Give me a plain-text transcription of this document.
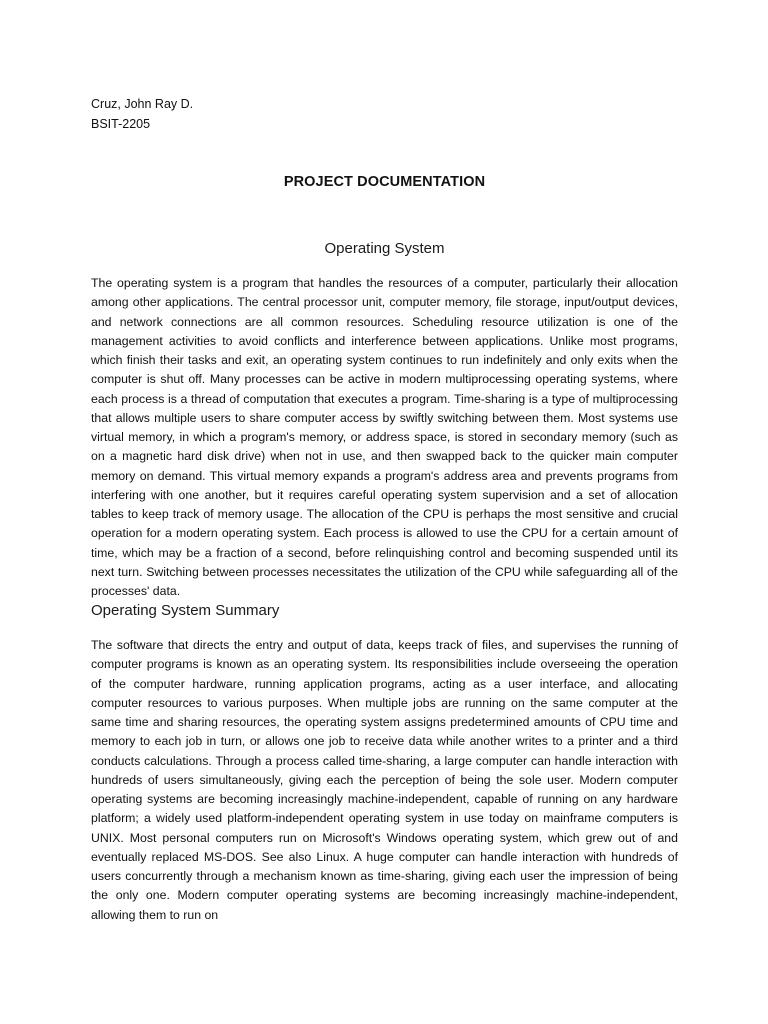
Cruz, John Ray D.

BSIT-2205

PROJECT DOCUMENTATION
Operating System

The operating system is a program that handles the resources of a computer, particularly their allocation among other applications. The central processor unit, computer memory, file storage, input/output devices, and network connections are all common resources. Scheduling resource utilization is one of the management activities to avoid conflicts and interference between applications. Unlike most programs, which finish their tasks and exit, an operating system continues to run indefinitely and only exits when the computer is shut off. Many processes can be active in modern multiprocessing operating systems, where each process is a thread of computation that executes a program. Time-sharing is a type of multiprocessing that allows multiple users to share computer access by swiftly switching between them. Most systems use virtual memory, in which a program's memory, or address space, is stored in secondary memory (such as on a magnetic hard disk drive) when not in use, and then swapped back to the quicker main computer memory on demand. This virtual memory expands a program's address area and prevents programs from interfering with one another, but it requires careful operating system supervision and a set of allocation tables to keep track of memory usage. The allocation of the CPU is perhaps the most sensitive and crucial operation for a modern operating system. Each process is allowed to use the CPU for a certain amount of time, which may be a fraction of a second, before relinquishing control and becoming suspended until its next turn. Switching between processes necessitates the utilization of the CPU while safeguarding all of the processes' data.

Operating System Summary

The software that directs the entry and output of data, keeps track of files, and supervises the running of computer programs is known as an operating system. Its responsibilities include overseeing the operation of the computer hardware, running application programs, acting as a user interface, and allocating computer resources to various purposes. When multiple jobs are running on the same computer at the same time and sharing resources, the operating system assigns predetermined amounts of CPU time and memory to each job in turn, or allows one job to receive data while another writes to a printer and a third conducts calculations. Through a process called time-sharing, a large computer can handle interaction with hundreds of users simultaneously, giving each the perception of being the sole user. Modern computer operating systems are becoming increasingly machine-independent, capable of running on any hardware platform; a widely used platform-independent operating system in use today on mainframe computers is UNIX. Most personal computers run on Microsoft's Windows operating system, which grew out of and eventually replaced MS-DOS. See also Linux. A huge computer can handle interaction with hundreds of users concurrently through a mechanism known as time-sharing, giving each user the impression of being the only one. Modern computer operating systems are becoming increasingly machine-independent, allowing them to run on
